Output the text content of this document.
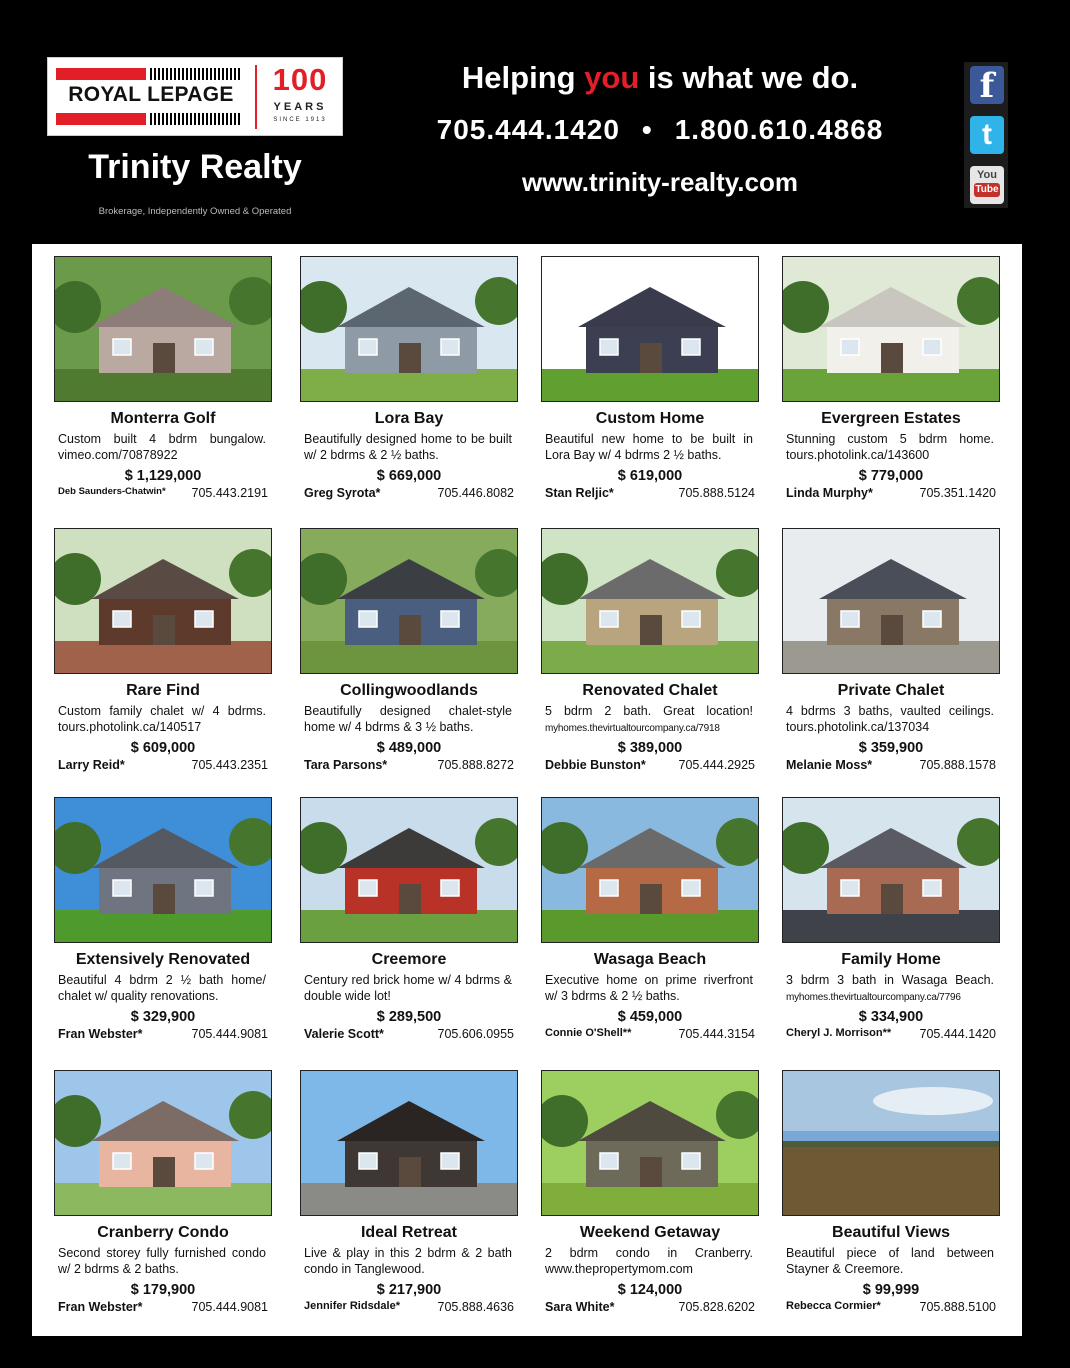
ROYAL LEPAGE	100
YEARS
SINCE 1913
Trinity Realty
Brokerage, Independently Owned & Operated
Helping you is what we do.
705.444.1420 • 1.800.610.4868
www.trinity-realty.com
f
t
You
Tube
Monterra Golf
Custom built 4 bdrm bungalow. vimeo.com/70878922
$ 1,129,000
Deb Saunders-Chatwin* 705.443.2191
Lora Bay
Beautifully designed home to be built w/ 2 bdrms & 2 ½ baths.
$ 669,000
Greg Syrota*	705.446.8082
Custom Home
Beautiful new home to be built in Lora Bay w/ 4 bdrms 2 ½ baths.
$ 619,000
Stan Reljic*	705.888.5124
Evergreen Estates
Stunning custom 5 bdrm home. tours.photolink.ca/143600
$ 779,000
Linda Murphy*	705.351.1420
Rare Find
Custom family chalet w/ 4 bdrms. tours.photolink.ca/140517
$ 609,000
Larry Reid*	705.443.2351
Collingwoodlands
Beautifully designed chalet-style home w/ 4 bdrms & 3 ½ baths.
$ 489,000
Tara Parsons*	705.888.8272
Renovated Chalet
5 bdrm 2 bath. Great location! myhomes.thevirtualtourcompany.ca/7918
$ 389,000
Debbie Bunston*	705.444.2925
Private Chalet
4 bdrms 3 baths, vaulted ceilings. tours.photolink.ca/137034
$ 359,900
Melanie Moss*	705.888.1578
Extensively Renovated
Beautiful 4 bdrm 2 ½ bath home/ chalet w/ quality renovations.
$ 329,900
Fran Webster*	705.444.9081
Creemore
Century red brick home w/ 4 bdrms & double wide lot!
$ 289,500
Valerie Scott*	705.606.0955
Wasaga Beach
Executive home on prime riverfront w/ 3 bdrms & 2 ½ baths.
$ 459,000
Connie O'Shell**	705.444.3154
Family Home
3 bdrm 3 bath in Wasaga Beach. myhomes.thevirtualtourcompany.ca/7796
$ 334,900
Cheryl J. Morrison** 705.444.1420
Cranberry Condo
Second storey fully furnished condo w/ 2 bdrms & 2 baths.
$ 179,900
Fran Webster*	705.444.9081
Ideal Retreat
Live & play in this 2 bdrm & 2 bath condo in Tanglewood.
$ 217,900
Jennifer Ridsdale*	705.888.4636
Weekend Getaway
2 bdrm condo in Cranberry. www.thepropertymom.com
$ 124,000
Sara White*	705.828.6202
Beautiful Views
Beautiful piece of land between Stayner & Creemore.
$ 99,999
Rebecca Cormier*	705.888.5100
